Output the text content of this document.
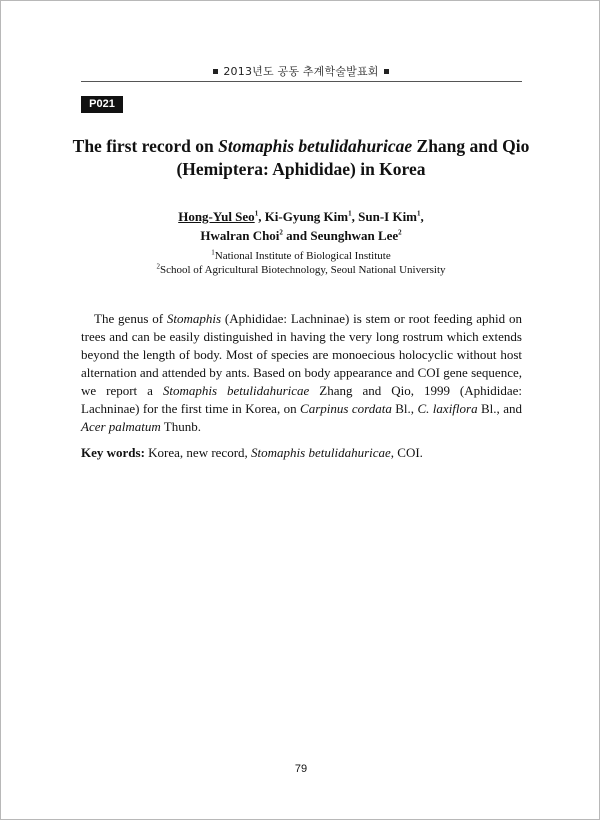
2013년도 공동 추계학술발표회
P021
The first record on Stomaphis betulidahuricae Zhang and Qio (Hemiptera: Aphididae) in Korea
Hong-Yul Seo$^1$, Ki-Gyung Kim$^1$, Sun-I Kim$^1$,
Hwalran Choi$^2$ and Seunghwan Lee$^2$
$^1$National Institute of Biological Institute
$^2$School of Agricultural Biotechnology, Seoul National University

The genus of Stomaphis (Aphididae: Lachninae) is stem or root feeding aphid on trees and can be easily distinguished in having the very long rostrum which extends beyond the length of body. Most of species are monoecious holocyclic without host alternation and attended by ants. Based on body appearance and COI gene sequence, we report a Stomaphis betulidahuricae Zhang and Qio, 1999 (Aphididae: Lachninae) for the first time in Korea, on Carpinus cordata Bl., C. laxiflora Bl., and Acer palmatum Thunb.

Key words: Korea, new record, Stomaphis betulidahuricae, COI.

79
